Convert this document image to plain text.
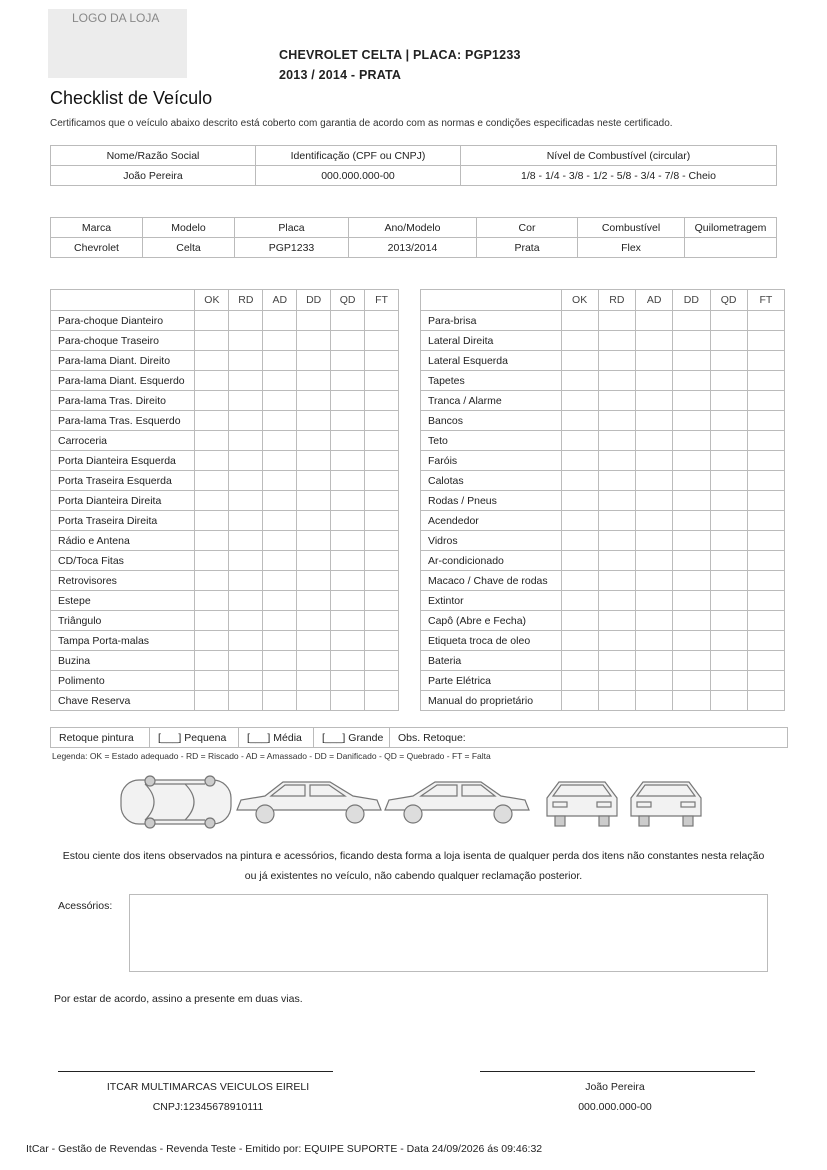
LOGO DA LOJA
CHEVROLET CELTA | PLACA: PGP1233
2013 / 2014 - PRATA
Checklist de Veículo
Certificamos que o veículo abaixo descrito está coberto com garantia de acordo com as normas e condições especificadas neste certificado.
Nome/Razão Social	Identificação (CPF ou CNPJ)	Nível de Combustível (circular)
João Pereira	000.000.000-00	1/8 - 1/4 - 3/8 - 1/2 - 5/8 - 3/4 - 7/8 - Cheio
Marca	Modelo	Placa	Ano/Modelo	Cor	Combustível	Quilometragem
Chevrolet	Celta	PGP1233	2013/2014	Prata	Flex	
	OK	RD	AD	DD	QD	FT
Para-choque Dianteiro						
Para-choque Traseiro						
Para-lama Diant. Direito						
Para-lama Diant. Esquerdo						
Para-lama Tras. Direito						
Para-lama Tras. Esquerdo						
Carroceria						
Porta Dianteira Esquerda						
Porta Traseira Esquerda						
Porta Dianteira Direita						
Porta Traseira Direita						
Rádio e Antena						
CD/Toca Fitas						
Retrovisores						
Estepe						
Triângulo						
Tampa Porta-malas						
Buzina						
Polimento						
Chave Reserva						
	OK	RD	AD	DD	QD	FT
Para-brisa						
Lateral Direita						
Lateral Esquerda						
Tapetes						
Tranca / Alarme						
Bancos						
Teto						
Faróis						
Calotas						
Rodas / Pneus						
Acendedor						
Vidros						
Ar-condicionado						
Macaco / Chave de rodas						
Extintor						
Capô (Abre e Fecha)						
Etiqueta troca de oleo						
Bateria						
Parte Elétrica						
Manual do proprietário						
Retoque pintura	[___] Pequena	[___] Média	[___] Grande	Obs. Retoque:
Legenda: OK = Estado adequado - RD = Riscado - AD = Amassado - DD = Danificado - QD = Quebrado - FT = Falta
Estou ciente dos itens observados na pintura e acessórios, ficando desta forma a loja isenta de qualquer perda dos itens não constantes nesta relação
ou já existentes no veículo, não cabendo qualquer reclamação posterior.
Acessórios:
Por estar de acordo, assino a presente em duas vias.
ITCAR MULTIMARCAS VEICULOS EIRELI
CNPJ:12345678910111
João Pereira
000.000.000-00
ItCar - Gestão de Revendas - Revenda Teste - Emitido por: EQUIPE SUPORTE - Data 24/09/2026 ás 09:46:32
